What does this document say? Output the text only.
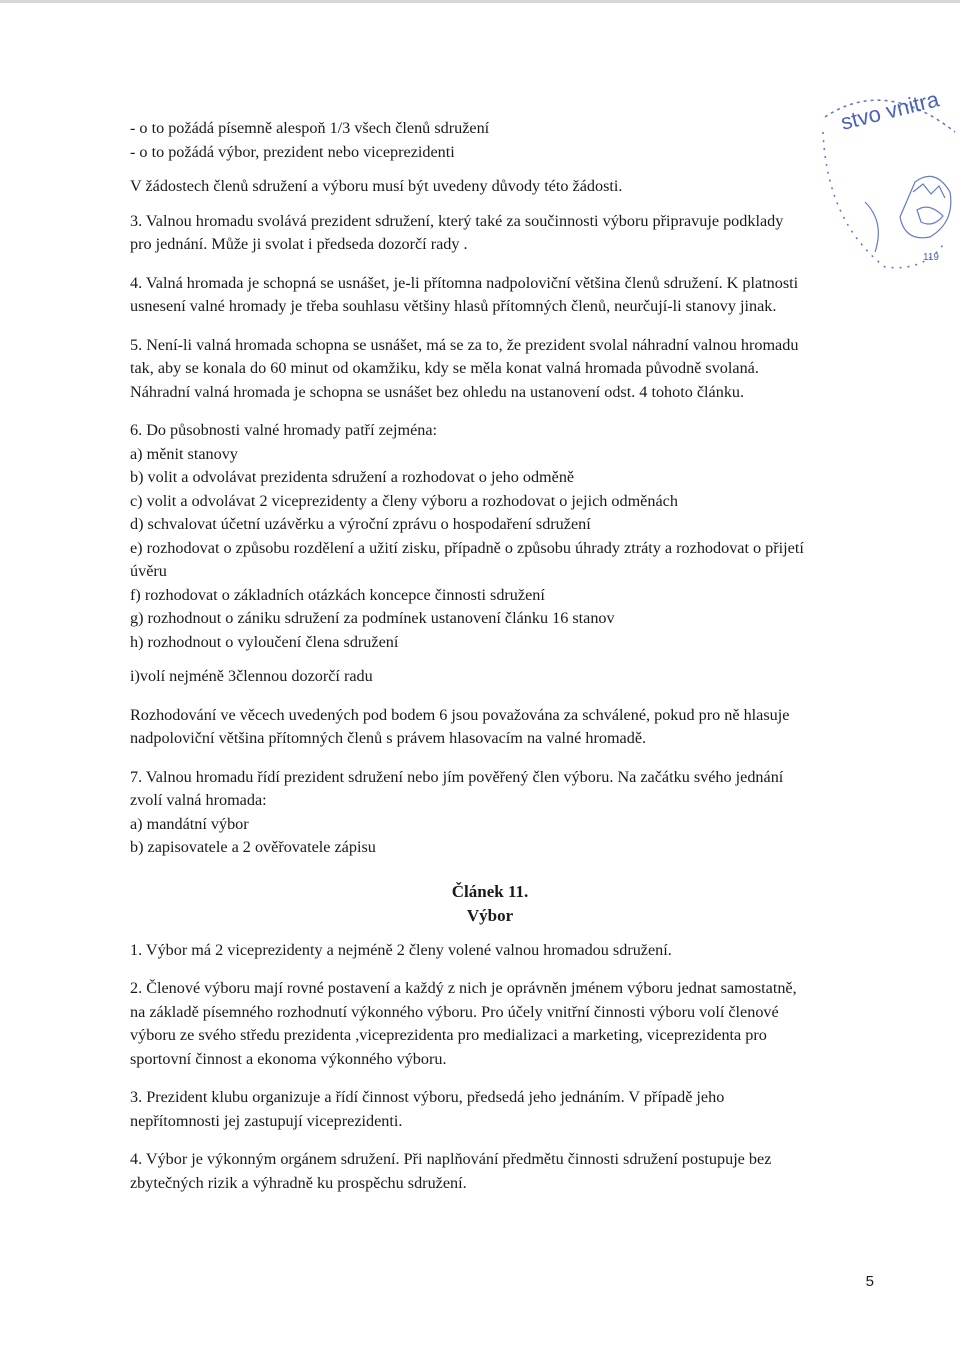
- o to požádá písemně alespoň 1/3 všech členů sdružení

- o to požádá výbor, prezident nebo viceprezidenti

V žádostech členů sdružení a výboru musí být uvedeny důvody této žádosti.

3. Valnou hromadu svolává prezident sdružení, který také za součinnosti výboru připravuje podklady

pro jednání. Může ji svolat i předseda dozorčí rady .

4. Valná hromada je schopná se usnášet, je-li přítomna nadpoloviční většina členů sdružení. K platnosti

usnesení valné hromady je třeba souhlasu většiny hlasů přítomných členů, neurčují-li stanovy jinak.

5. Není-li valná hromada schopna se usnášet, má se za to, že prezident svolal náhradní valnou hromadu

tak, aby se konala do 60 minut od okamžiku, kdy se měla konat valná hromada původně svolaná.

Náhradní valná hromada je schopna se usnášet bez ohledu na ustanovení odst. 4 tohoto článku.

6. Do působnosti valné hromady patří zejména:

a) měnit stanovy

b) volit a odvolávat prezidenta sdružení a rozhodovat o jeho odměně

c) volit a odvolávat 2 viceprezidenty a členy výboru a rozhodovat o jejich odměnách

d) schvalovat účetní uzávěrku a výroční zprávu o hospodaření sdružení

e) rozhodovat o způsobu rozdělení a užití zisku, případně o způsobu úhrady ztráty a rozhodovat o přijetí

úvěru

f) rozhodovat o základních otázkách koncepce činnosti sdružení

g) rozhodnout o zániku sdružení za podmínek ustanovení článku 16 stanov

h) rozhodnout o vyloučení člena sdružení

i)volí nejméně 3člennou dozorčí radu

Rozhodování ve věcech uvedených pod bodem 6 jsou považována za schválené, pokud pro ně hlasuje

nadpoloviční většina přítomných členů s právem hlasovacím na valné hromadě.

7. Valnou hromadu řídí prezident sdružení nebo jím pověřený člen výboru. Na začátku svého jednání

zvolí valná hromada:

a) mandátní výbor

b) zapisovatele a 2 ověřovatele zápisu

Článek 11.

Výbor

1. Výbor má 2 viceprezidenty a nejméně 2 členy volené valnou hromadou sdružení.

2. Členové výboru mají rovné postavení a každý z nich je oprávněn jménem výboru jednat samostatně,

na základě písemného rozhodnutí výkonného výboru. Pro účely vnitřní činnosti výboru volí členové

výboru ze svého středu prezidenta ,viceprezidenta pro medializaci a marketing, viceprezidenta pro

sportovní činnost a ekonoma výkonného výboru.

3. Prezident klubu organizuje a řídí činnost výboru, předsedá jeho jednáním. V případě jeho

nepřítomnosti jej zastupují viceprezidenti.

4. Výbor je výkonným orgánem sdružení. Při naplňování předmětu činnosti sdružení postupuje bez

zbytečných rizik a výhradně ku prospěchu sdružení.

stvo vnitra
119
5
